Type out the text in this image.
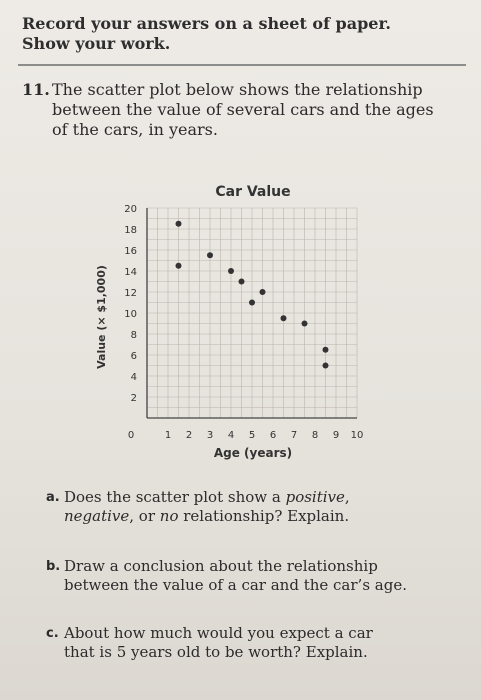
Record your answers on a sheet of paper.
Show your work.
11. The scatter plot below shows the relationship
between the value of several cars and the ages
of the cars, in years.
Car Value
2
4
6
8
10
12
14
16
18
20
0	1 2 3 4 5 6 7 8 9 10
Age (years)
Value (× $1,000)
a. Does the scatter plot show a positive,
negative, or no relationship? Explain.
b. Draw a conclusion about the relationship
between the value of a car and the car’s age.
c. About how much would you expect a car
that is 5 years old to be worth? Explain.
